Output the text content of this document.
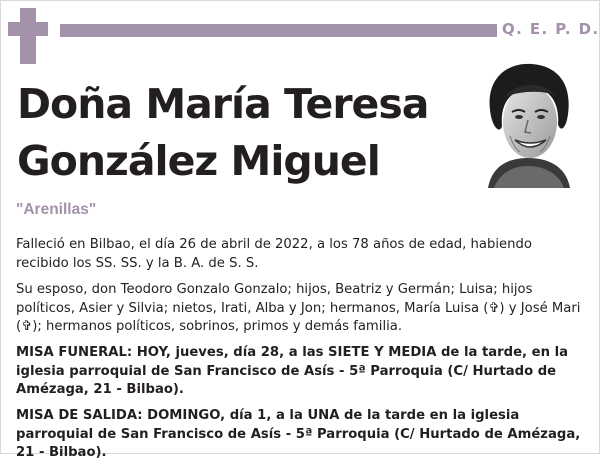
Q. E. P. D.
Doña María Teresa
González Miguel
"Arenillas"
Falleció en Bilbao, el día 26 de abril de 2022, a los 78 años de edad, habiendo recibido los SS. SS. y la B. A. de S. S.
Su esposo, don Teodoro Gonzalo Gonzalo; hijos, Beatriz y Germán; Luisa; hijos políticos, Asier y Silvia; nietos, Irati, Alba y Jon; hermanos, María Luisa (✞) y José Mari (✞); hermanos políticos, sobrinos, primos y demás familia.
MISA FUNERAL: HOY, jueves, día 28, a las SIETE Y MEDIA de la tarde, en la iglesia parroquial de San Francisco de Asís - 5ª Parroquia (C/ Hurtado de Amézaga, 21 - Bilbao).
MISA DE SALIDA: DOMINGO, día 1, a la UNA de la tarde en la iglesia parroquial de San Francisco de Asís - 5ª Parroquia (C/ Hurtado de Amézaga, 21 - Bilbao).
